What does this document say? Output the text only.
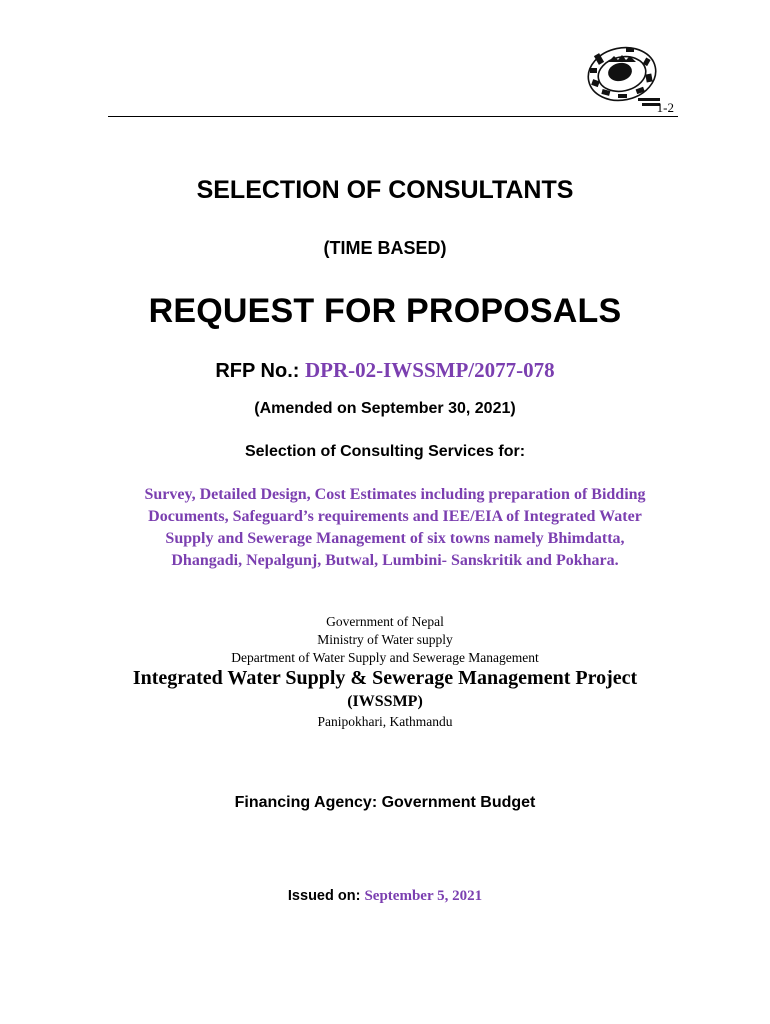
1-2
SELECTION OF CONSULTANTS
(TIME BASED)
REQUEST FOR PROPOSALS
RFP No.: DPR-02-IWSSMP/2077-078
(Amended on September 30, 2021)
Selection of Consulting Services for:
Survey, Detailed Design, Cost Estimates including preparation of Bidding
Documents, Safeguard’s requirements and IEE/EIA of Integrated Water
Supply and Sewerage Management of six towns namely Bhimdatta,
Dhangadi, Nepalgunj, Butwal, Lumbini- Sanskritik and Pokhara.
Government of Nepal
Ministry of Water supply
Department of Water Supply and Sewerage Management
Integrated Water Supply & Sewerage Management Project
(IWSSMP)
Panipokhari, Kathmandu
Financing Agency: Government Budget
Issued on: September 5, 2021
